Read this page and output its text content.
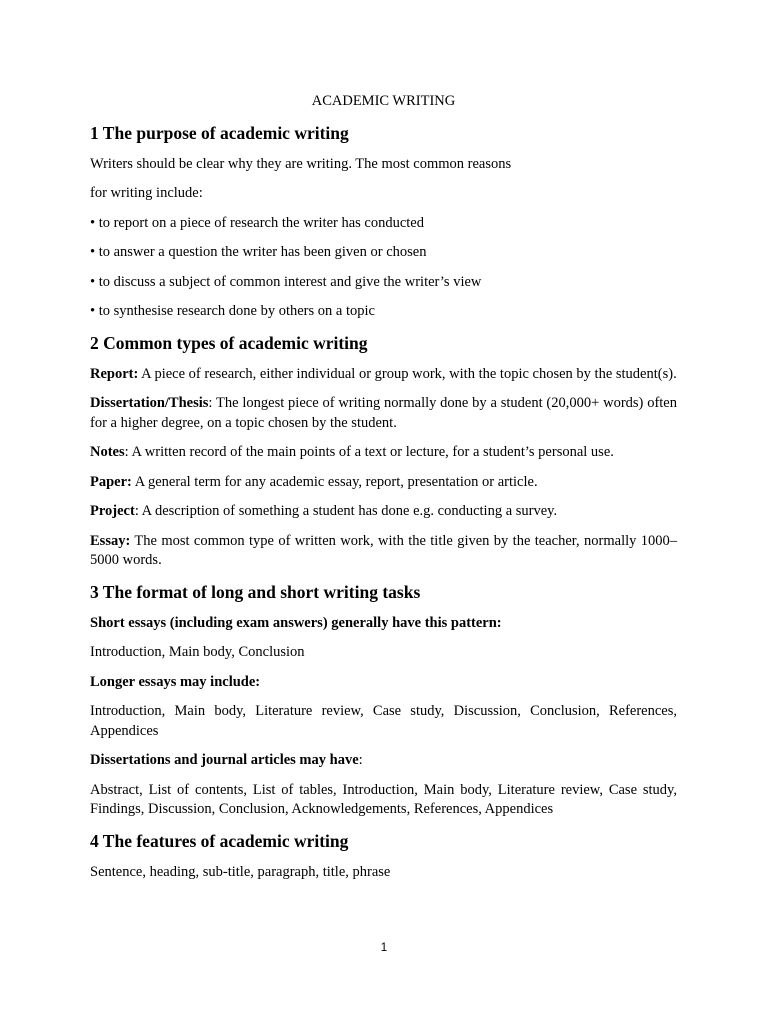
ACADEMIC WRITING
1 The purpose of academic writing

Writers should be clear why they are writing. The most common reasons

for writing include:

• to report on a piece of research the writer has conducted

• to answer a question the writer has been given or chosen

• to discuss a subject of common interest and give the writer’s view

• to synthesise research done by others on a topic

2 Common types of academic writing

Report: A piece of research, either individual or group work, with the topic chosen by the student(s).

Dissertation/Thesis: The longest piece of writing normally done by a student (20,000+ words) often for a higher degree, on a topic chosen by the student.

Notes: A written record of the main points of a text or lecture, for a student’s personal use.

Paper: A general term for any academic essay, report, presentation or article.

Project: A description of something a student has done e.g. conducting a survey.

Essay: The most common type of written work, with the title given by the teacher, normally 1000–5000 words.

3 The format of long and short writing tasks

Short essays (including exam answers) generally have this pattern:

Introduction, Main body, Conclusion

Longer essays may include:

Introduction, Main body, Literature review, Case study, Discussion, Conclusion, References, Appendices

Dissertations and journal articles may have:

Abstract, List of contents, List of tables, Introduction, Main body, Literature review, Case study, Findings, Discussion, Conclusion, Acknowledgements, References, Appendices

4 The features of academic writing

Sentence, heading, sub-title, paragraph, title, phrase

1
